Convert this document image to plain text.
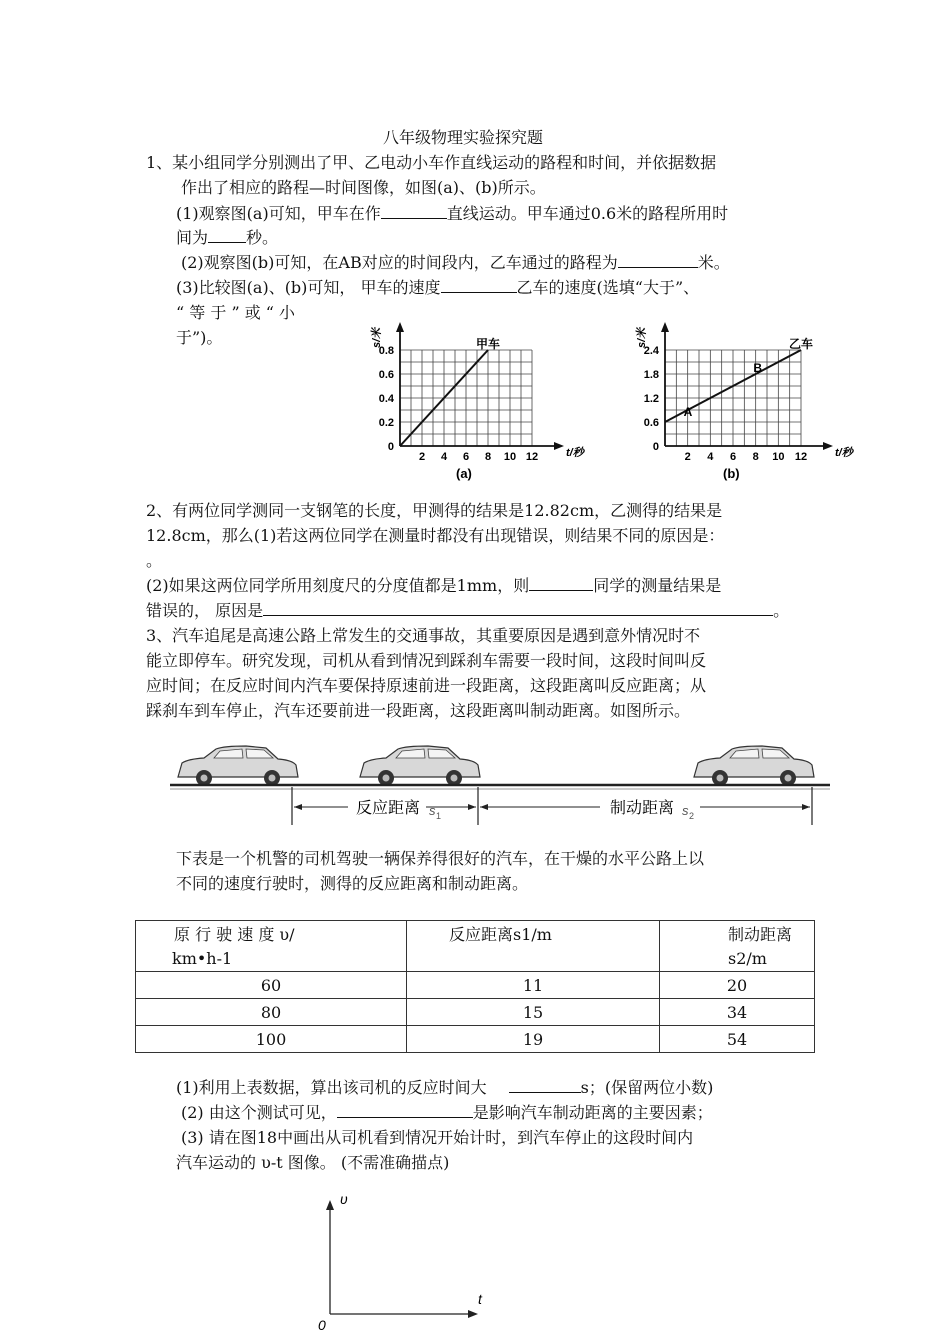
八年级物理实验探究题
1、某小组同学分别测出了甲、乙电动小车作直线运动的路程和时间，并依据数据
作出了相应的路程—时间图像，如图(a)、(b)所示。
(1)观察图(a)可知，甲车在作	直线运动。甲车通过0.6米的路程所用时
间为 秒。
(2)观察图(b)可知，在AB对应的时间段内，乙车通过的路程为	米。
(3)比较图(a)、(b)可知， 甲车的速度	乙车的速度(选填“大于”、
“ 等 于 ” 或 “ 小
于”)。	甲车
s/米
t/秒
(a)
0.8
0.6
0.4
0.2
0
2 4 6 8 10 12
乙车
A
B
s/米
t/秒
(b)
2.4
1.8
1.2
0.6
0
2 4 6 8 10 12
2、有两位同学测同一支钢笔的长度，甲测得的结果是12.82cm，乙测得的结果是
12.8cm，那么(1)若这两位同学在测量时都没有出现错误，则结果不同的原因是：
。
(2)如果这两位同学所用刻度尺的分度值都是1mm，则	同学的测量结果是
错误的， 原因是	。
3、汽车追尾是高速公路上常发生的交通事故，其重要原因是遇到意外情况时不
能立即停车。研究发现，司机从看到情况到踩刹车需要一段时间，这段时间叫反
应时间；在反应时间内汽车要保持原速前进一段距离，这段距离叫反应距离；从
踩刹车到车停止，汽车还要前进一段距离，这段距离叫制动距离。如图所示。
反应距离 s 1	制动距离 s 2
下表是一个机警的司机驾驶一辆保养得很好的汽车，在干燥的水平公路上以
不同的速度行驶时，测得的反应距离和制动距离。
原 行 驶 速 度 υ/
km•h-1	反应距离s1/m	制动距离s2/m
60	11	20
80	15	34
100	19	54
(1)利用上表数据，算出该司机的反应时间大	s；(保留两位小数)
(2) 由这个测试可见，	是影响汽车制动距离的主要因素；
(3) 请在图18中画出从司机看到情况开始计时，到汽车停止的这段时间内
汽车运动的 υ-t 图像。 (不需准确描点)
υ
t
0
